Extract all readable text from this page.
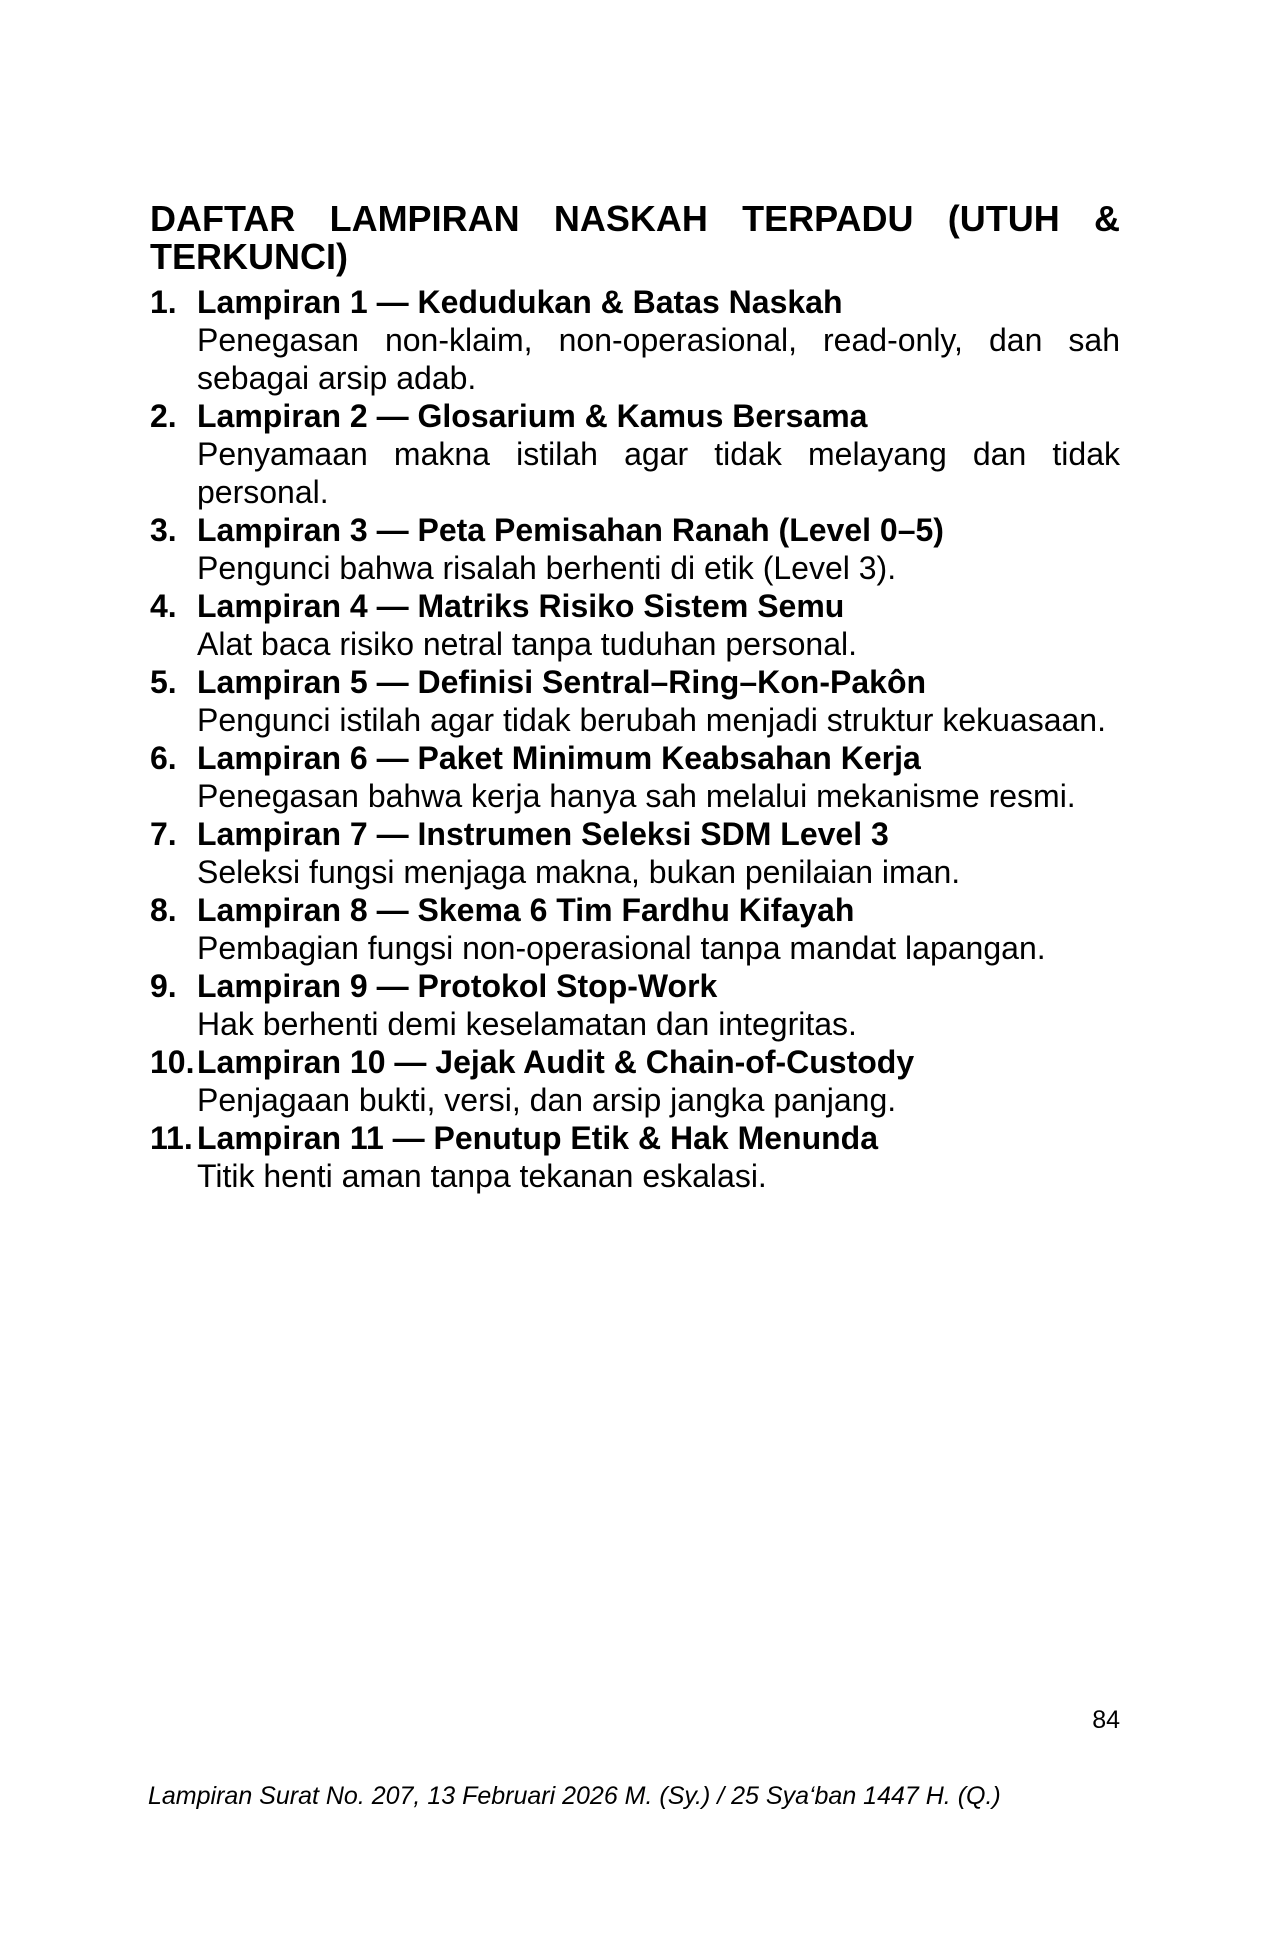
DAFTAR LAMPIRAN NASKAH TERPADU (UTUH & TERKUNCI)

1. Lampiran 1 — Kedudukan & Batas Naskah
Penegasan non-klaim, non-operasional, read-only, dan sah sebagai arsip adab.
2. Lampiran 2 — Glosarium & Kamus Bersama
Penyamaan makna istilah agar tidak melayang dan tidak personal.
3. Lampiran 3 — Peta Pemisahan Ranah (Level 0–5)
Pengunci bahwa risalah berhenti di etik (Level 3).
4. Lampiran 4 — Matriks Risiko Sistem Semu
Alat baca risiko netral tanpa tuduhan personal.
5. Lampiran 5 — Definisi Sentral–Ring–Kon-Pakôn
Pengunci istilah agar tidak berubah menjadi struktur kekuasaan.
6. Lampiran 6 — Paket Minimum Keabsahan Kerja
Penegasan bahwa kerja hanya sah melalui mekanisme resmi.
7. Lampiran 7 — Instrumen Seleksi SDM Level 3
Seleksi fungsi menjaga makna, bukan penilaian iman.
8. Lampiran 8 — Skema 6 Tim Fardhu Kifayah
Pembagian fungsi non-operasional tanpa mandat lapangan.
9. Lampiran 9 — Protokol Stop-Work
Hak berhenti demi keselamatan dan integritas.
10. Lampiran 10 — Jejak Audit & Chain-of-Custody
Penjagaan bukti, versi, dan arsip jangka panjang.
11. Lampiran 11 — Penutup Etik & Hak Menunda
Titik henti aman tanpa tekanan eskalasi.
84
Lampiran Surat No. 207, 13 Februari 2026 M. (Sy.) / 25 Sya‘ban 1447 H. (Q.)
